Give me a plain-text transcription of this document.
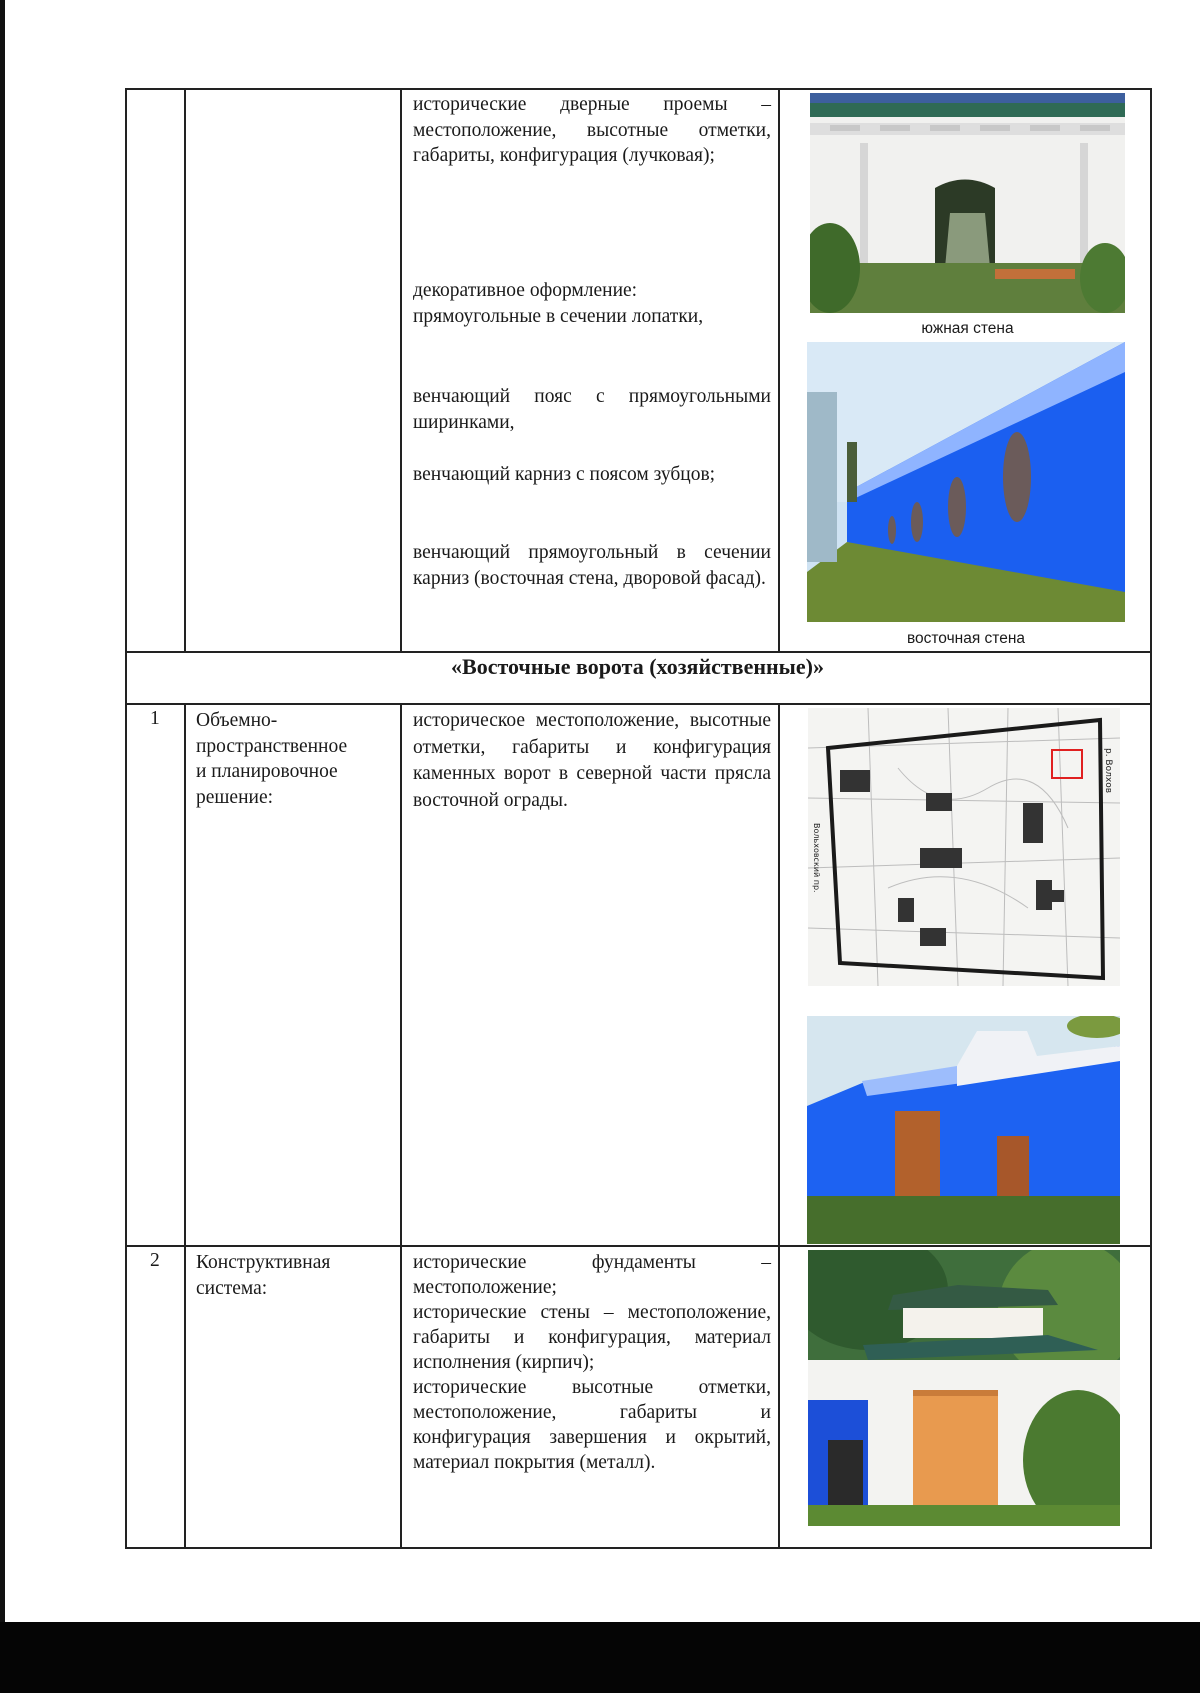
исторические дверные проемы – местоположение, высотные отметки, габариты, конфигурация (лучковая);
декоративное оформление:
прямоугольные в сечении лопатки,
венчающий пояс с прямоугольными ширинками,
венчающий карниз с поясом зубцов;
венчающий прямоугольный в сечении карниз (восточная стена, дворовой фасад).
южная стена
восточная стена
«Восточные ворота (хозяйственные)»
1 Объемно-
пространственное
и планировочное
решение:
историческое местоположение, высотные отметки, габариты и конфигурация каменных ворот в северной части прясла восточной ограды.
р. Волхов
Вольховский пр.
2 Конструктивная
система:
исторические фундаменты – местоположение;
исторические стены – местоположение, габариты и конфигурация, материал исполнения (кирпич);
исторические высотные отметки, местоположение, габариты и конфигурация завершения и окрытий, материал покрытия (металл).
